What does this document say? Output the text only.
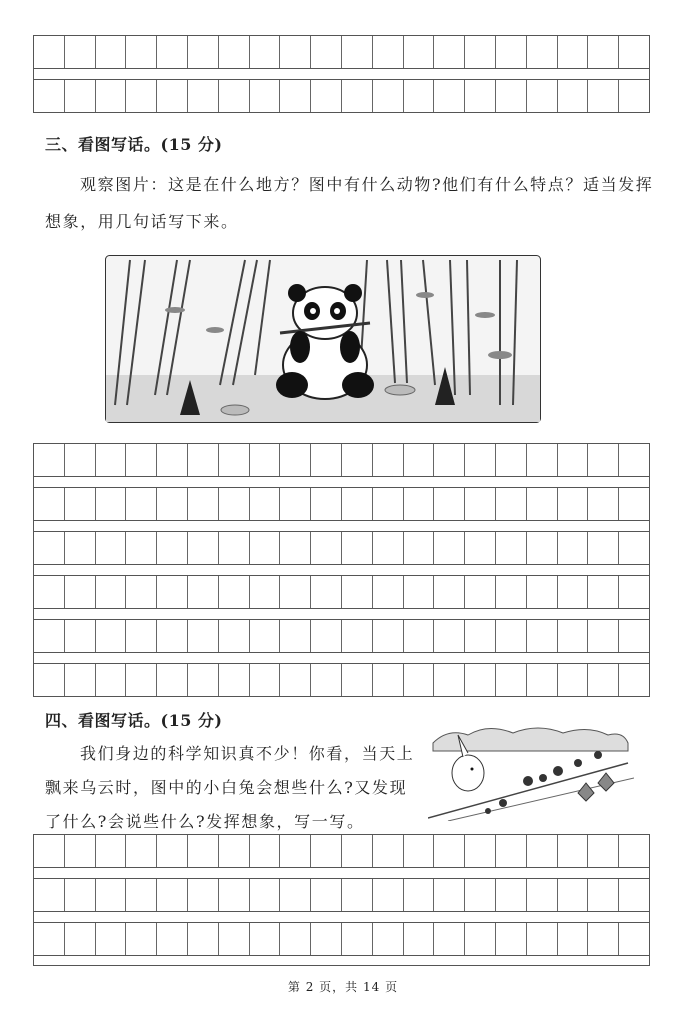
三、看图写话。(15 分)
观察图片：这是在什么地方？图中有什么动物?他们有什么特点？适当发挥
想象，用几句话写下来。
四、看图写话。(15 分)
我们身边的科学知识真不少！你看，当天上
飘来乌云时，图中的小白兔会想些什么?又发现
了什么?会说些什么?发挥想象，写一写。
第 2 页，共 14 页
